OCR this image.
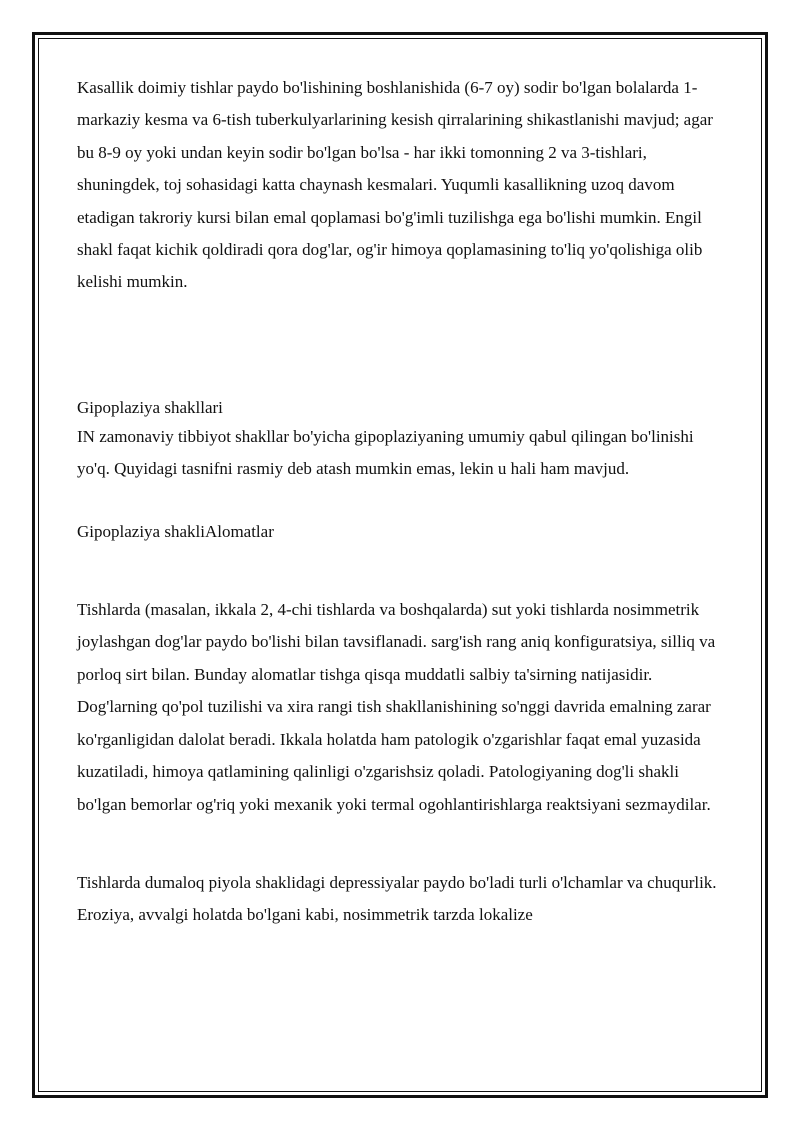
Kasallik doimiy tishlar paydo bo'lishining boshlanishida (6-7 oy) sodir bo'lgan bolalarda 1-markaziy kesma va 6-tish tuberkulyarlarining kesish qirralarining shikastlanishi mavjud; agar bu 8-9 oy yoki undan keyin sodir bo'lgan bo'lsa - har ikki tomonning 2 va 3-tishlari, shuningdek, toj sohasidagi katta chaynash kesmalari. Yuqumli kasallikning uzoq davom etadigan takroriy kursi bilan emal qoplamasi bo'g'imli tuzilishga ega bo'lishi mumkin. Engil shakl faqat kichik qoldiradi qora dog'lar, og'ir himoya qoplamasining to'liq yo'qolishiga olib kelishi mumkin.

Gipoplaziya shakllari

IN zamonaviy tibbiyot shakllar bo'yicha gipoplaziyaning umumiy qabul qilingan bo'linishi yo'q. Quyidagi tasnifni rasmiy deb atash mumkin emas, lekin u hali ham mavjud.

Gipoplaziya shakliAlomatlar

Tishlarda (masalan, ikkala 2, 4-chi tishlarda va boshqalarda) sut yoki tishlarda nosimmetrik joylashgan dog'lar paydo bo'lishi bilan tavsiflanadi. sarg'ish rang aniq konfiguratsiya, silliq va porloq sirt bilan. Bunday alomatlar tishga qisqa muddatli salbiy ta'sirning natijasidir. Dog'larning qo'pol tuzilishi va xira rangi tish shakllanishining so'nggi davrida emalning zarar ko'rganligidan dalolat beradi. Ikkala holatda ham patologik o'zgarishlar faqat emal yuzasida kuzatiladi, himoya qatlamining qalinligi o'zgarishsiz qoladi. Patologiyaning dog'li shakli bo'lgan bemorlar og'riq yoki mexanik yoki termal ogohlantirishlarga reaktsiyani sezmaydilar.

Tishlarda dumaloq piyola shaklidagi depressiyalar paydo bo'ladi turli o'lchamlar va chuqurlik. Eroziya, avvalgi holatda bo'lgani kabi, nosimmetrik tarzda lokalize
